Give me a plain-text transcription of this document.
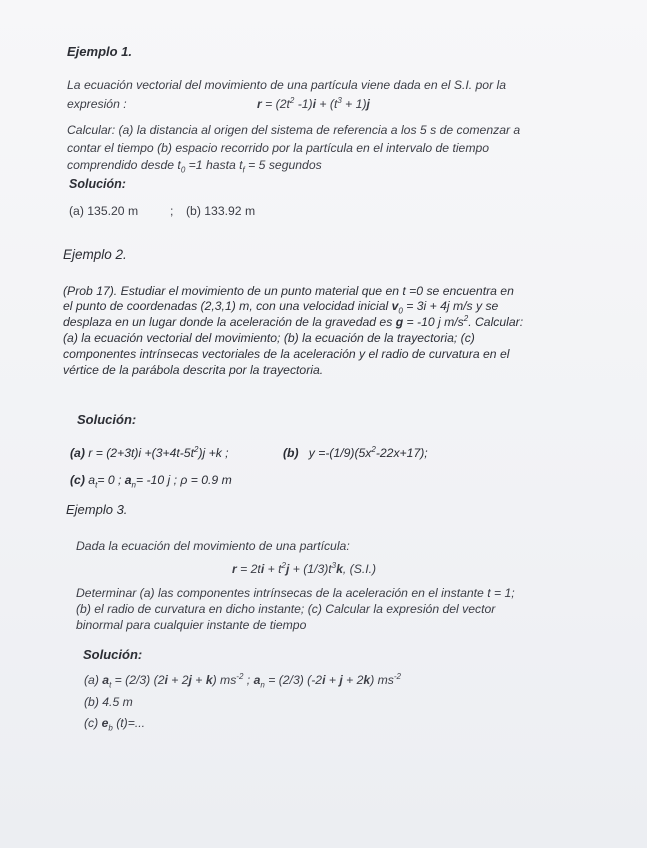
Ejemplo 1.
La ecuación vectorial del movimiento de una partícula viene dada en el S.I. por la
expresión :	$r = (2t^2$ $-1)i + (t^3 + 1)j$
Calcular: (a) la distancia al origen del sistema de referencia a los 5 s de comenzar a
contar el tiempo (b) espacio recorrido por la partícula en el intervalo de tiempo
comprendido desde $t_0 =1$ hasta $t_f = 5$ segundos
Solución:
(a) 135.20 m	; (b) 133.92 m
Ejemplo 2.
(Prob 17). Estudiar el movimiento de un punto material que en t =0 se encuentra en
el punto de coordenadas (2,3,1) m, con una velocidad inicial $v_0 = 3i + 4j$ m/s y se
desplaza en un lugar donde la aceleración de la gravedad es g = -10 j $m/s^2$. Calcular:
(a) la ecuación vectorial del movimiento; (b) la ecuación de la trayectoria; (c)
componentes intrínsecas vectoriales de la aceleración y el radio de curvatura en el
vértice de la parábola descrita por la trayectoria.
Solución:
(a) $r = (2+3t)i +(3+4t-5t^2)j +k$ ;	(b) $y =-(1/9)(5x^2-22x+17)$;
(c) $a_t= 0$ ; $a_n= -10$ j ; ρ = 0.9 m
Ejemplo 3.
Dada la ecuación del movimiento de una partícula:
$r = 2ti + t^2j + (1/3)t^3k$, (S.I.)
Determinar (a) las componentes intrínsecas de la aceleración en el instante t = 1;
(b) el radio de curvatura en dicho instante; (c) Calcular la expresión del vector
binormal para cualquier instante de tiempo
Solución:
(a) $a_t = (2/3) (2i + 2j + k)$ $ms^{-2}$ ; $a_n = (2/3) (-2i + j + 2k)$ $ms^{-2}$
(b) 4.5 m
(c) $e_b$ (t)=...
